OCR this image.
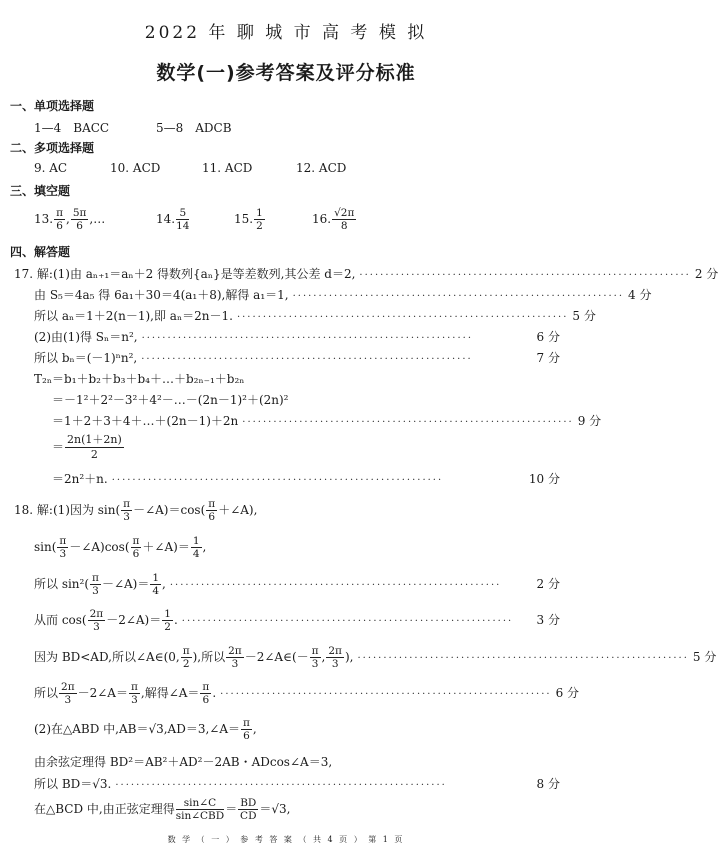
2022 年 聊 城 市 高 考 模 拟
数学(一)参考答案及评分标准
一、单项选择题
1—4　BACC	5—8　ADCB
二、多项选择题
9. AC	10. ACD	11. ACD	12. ACD
三、填空题
13. $\frac{\pi}{6}$ , $\frac{5\pi}{6}$ ,…	14. $\frac{5}{14}$	15. $\frac{1}{2}$	16. $\frac{√2\pi}{8}$
四、解答题
17. 解:(1)由 aₙ₊₁＝aₙ＋2 得数列{aₙ}是等差数列,其公差 d＝2, ································································ 2 分
由 S₅＝4a₅ 得 6a₁＋30＝4(a₁＋8),解得 a₁＝1, ································································ 4 分
所以 aₙ＝1＋2(n－1),即 aₙ＝2n－1. ································································ 5 分
(2)由(1)得 Sₙ＝n², ································································	6 分
所以 bₙ＝(－1)ⁿn², ································································	7 分
T₂ₙ＝b₁＋b₂＋b₃＋b₄＋…＋b₂ₙ₋₁＋b₂ₙ
＝－1²＋2²－3²＋4²－…－(2n－1)²＋(2n)²
＝1＋2＋3＋4＋…＋(2n－1)＋2n ································································ 9 分
＝ $\frac{2n(1+2n)}{2}$
＝2n²＋n. ································································	10 分
18. 解:(1)因为 $\sin( \frac{\pi}{3}$ －∠A)＝cos( $\frac{\pi}{6}$ ＋∠A),
$\sin( \frac{\pi}{3}$ －∠A)cos( $\frac{\pi}{6}$ ＋∠A)＝ $\frac{1}{4}$ ,
所以 $\sin^2( \frac{\pi}{3}$ －∠A)＝ $\frac{1}{4}$ , ································································	2 分
从而 $\cos( \frac{2\pi}{3}$ －2∠A)＝ $\frac{1}{2}$ . ································································	3 分
因为 BD<AD,所以∠A∈(0, $\frac{\pi}{2}$ ),所以 $\frac{2\pi}{3}$ －2∠A∈(－ $\frac{\pi}{3}$ , $\frac{2\pi}{3}$ ), ································································ 5 分
所以 $\frac{2\pi}{3}$ －2∠A＝ $\frac{\pi}{3}$ ,解得∠A＝ $\frac{\pi}{6}$ . ································································ 6 分
(2)在△ABD 中,AB＝√3,AD＝3,∠A＝ $\frac{\pi}{6}$ ,
由余弦定理得 BD²＝AB²＋AD²－2AB・ADcos∠A＝3,
所以 BD＝√3. ································································	8 分
在△BCD 中,由正弦定理得 $\frac{\sin\angle C}{\text{sin∠CBD}} = \frac{BD}{CD} =√3$,
数 学 （ 一 ） 参 考 答 案 （ 共 4 页 ） 第 1 页
